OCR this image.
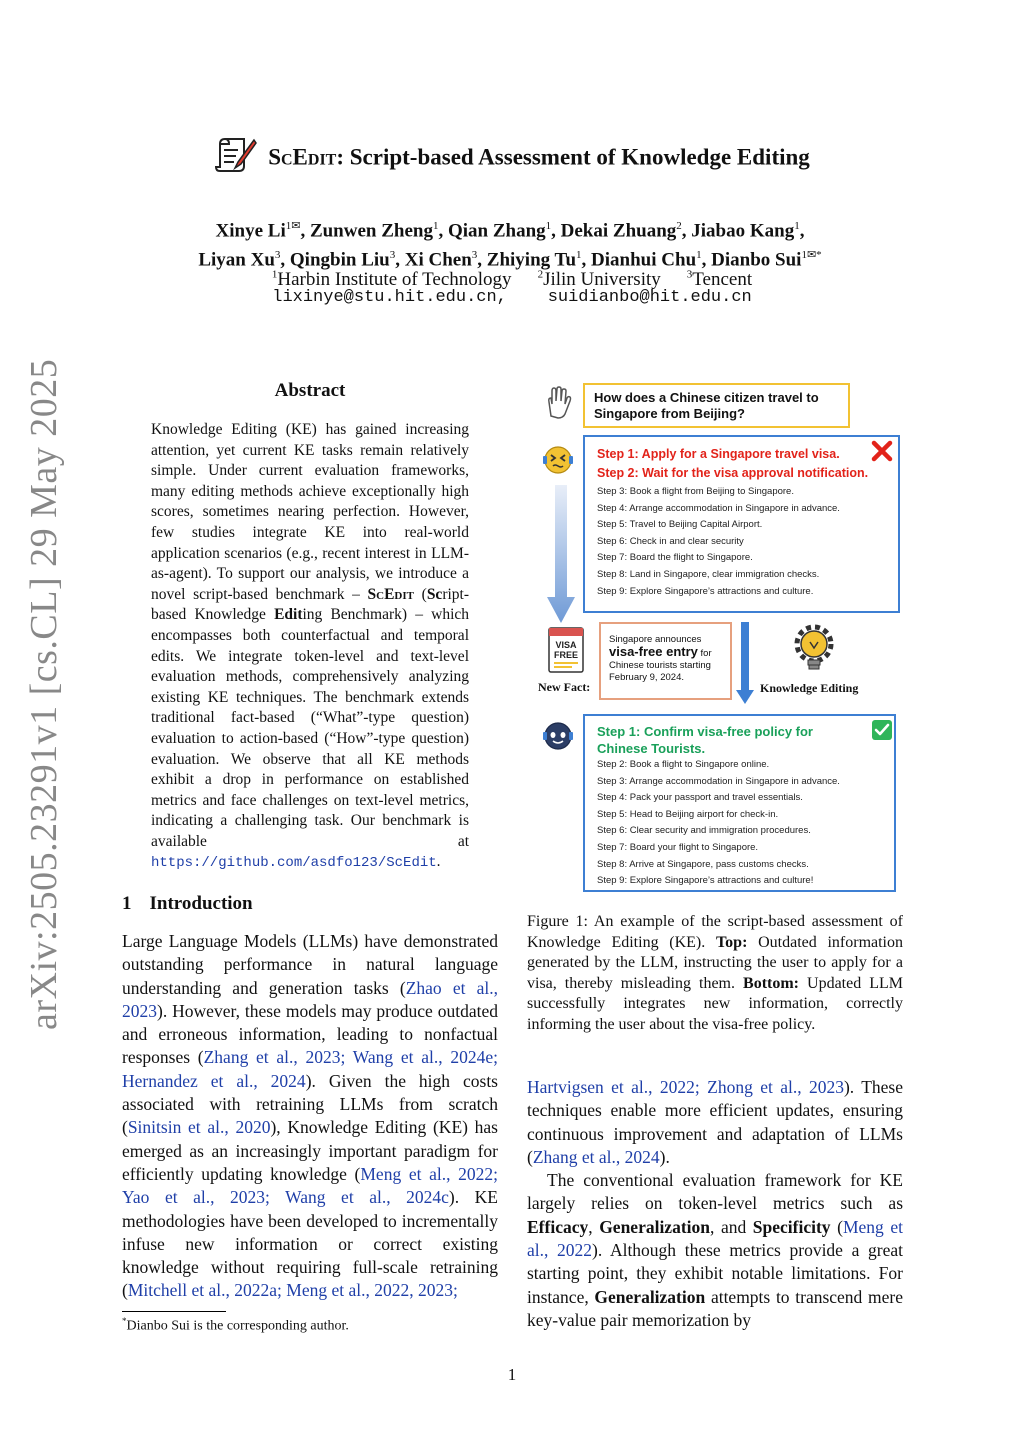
arXiv:2505.23291v1 [cs.CL] 29 May 2025
ScEdit: Script-based Assessment of Knowledge Editing
Xinye $Li^{1✉}$, Zunwen Zheng$^1$, Qian Zhang$^1$, Dekai Zhuang$^2$, Jiabao Kang$^1$,
Liyan Xu$^3$, Qingbin Liu$^3$, Xi Chen$^3$, Zhiying Tu$^1$, Dianhui Chu$^1$, Dianbo Sui$^{1✉*}$
$^1$Harbin Institute of Technology $^2$Jilin University $^3$Tencent
lixinye@stu.hit.edu.cn, suidianbo@hit.edu.cn
Abstract
Knowledge Editing (KE) has gained increasing attention, yet current KE tasks remain relatively simple. Under current evaluation frameworks, many editing methods achieve exceptionally high scores, sometimes nearing perfection. However, few studies integrate KE into real-world application scenarios (e.g., recent interest in LLM-as-agent). To support our analysis, we introduce a novel script-based benchmark – ScEdit (Script-based Knowledge Editing Benchmark) – which encompasses both counterfactual and temporal edits. We integrate token-level and text-level evaluation methods, comprehensively analyzing existing KE techniques. The benchmark extends traditional fact-based (“What”-type question) evaluation to action-based (“How”-type question) evaluation. We observe that all KE methods exhibit a drop in performance on established metrics and face challenges on text-level metrics, indicating a challenging task. Our benchmark is available at https://github.com/asdfo123/ScEdit.
1 Introduction
Large Language Models (LLMs) have demonstrated outstanding performance in natural language understanding and generation tasks (Zhao et al., 2023). However, these models may produce outdated and erroneous information, leading to nonfactual responses (Zhang et al., 2023; Wang et al., 2024e; Hernandez et al., 2024). Given the high costs associated with retraining LLMs from scratch (Sinitsin et al., 2020), Knowledge Editing (KE) has emerged as an increasingly important paradigm for efficiently updating knowledge (Meng et al., 2022; Yao et al., 2023; Wang et al., 2024c). KE methodologies have been developed to incrementally infuse new information or correct existing knowledge without requiring full-scale retraining (Mitchell et al., 2022a; Meng et al., 2022, 2023;
*Dianbo Sui is the corresponding author.
1
How does a Chinese citizen travel to Singapore from Beijing?
Step 1: Apply for a Singapore travel visa.
Step 2: Wait for the visa approval notification.
Step 3: Book a flight from Beijing to Singapore.
Step 4: Arrange accommodation in Singapore in advance.
Step 5: Travel to Beijing Capital Airport.
Step 6: Check in and clear security
Step 7: Board the flight to Singapore.
Step 8: Land in Singapore, clear immigration checks.
Step 9: Explore Singapore’s attractions and culture.
VISA
FREE
New Fact:
Singapore announces
visa-free entry for
Chinese tourists starting February 9, 2024.
Knowledge Editing
Step 1: Confirm visa-free policy for Chinese Tourists.
Step 2: Book a flight to Singapore online.
Step 3: Arrange accommodation in Singapore in advance.
Step 4: Pack your passport and travel essentials.
Step 5: Head to Beijing airport for check-in.
Step 6: Clear security and immigration procedures.
Step 7: Board your flight to Singapore.
Step 8: Arrive at Singapore, pass customs checks.
Step 9: Explore Singapore’s attractions and culture!
Figure 1: An example of the script-based assessment of Knowledge Editing (KE). Top: Outdated information generated by the LLM, instructing the user to apply for a visa, thereby misleading them. Bottom: Updated LLM successfully integrates new information, correctly informing the user about the visa-free policy.

Hartvigsen et al., 2022; Zhong et al., 2023). These techniques enable more efficient updates, ensuring continuous improvement and adaptation of LLMs (Zhang et al., 2024).

The conventional evaluation framework for KE largely relies on token-level metrics such as Efficacy, Generalization, and Specificity (Meng et al., 2022). Although these metrics provide a great starting point, they exhibit notable limitations. For instance, Generalization attempts to transcend mere key-value pair memorization by
